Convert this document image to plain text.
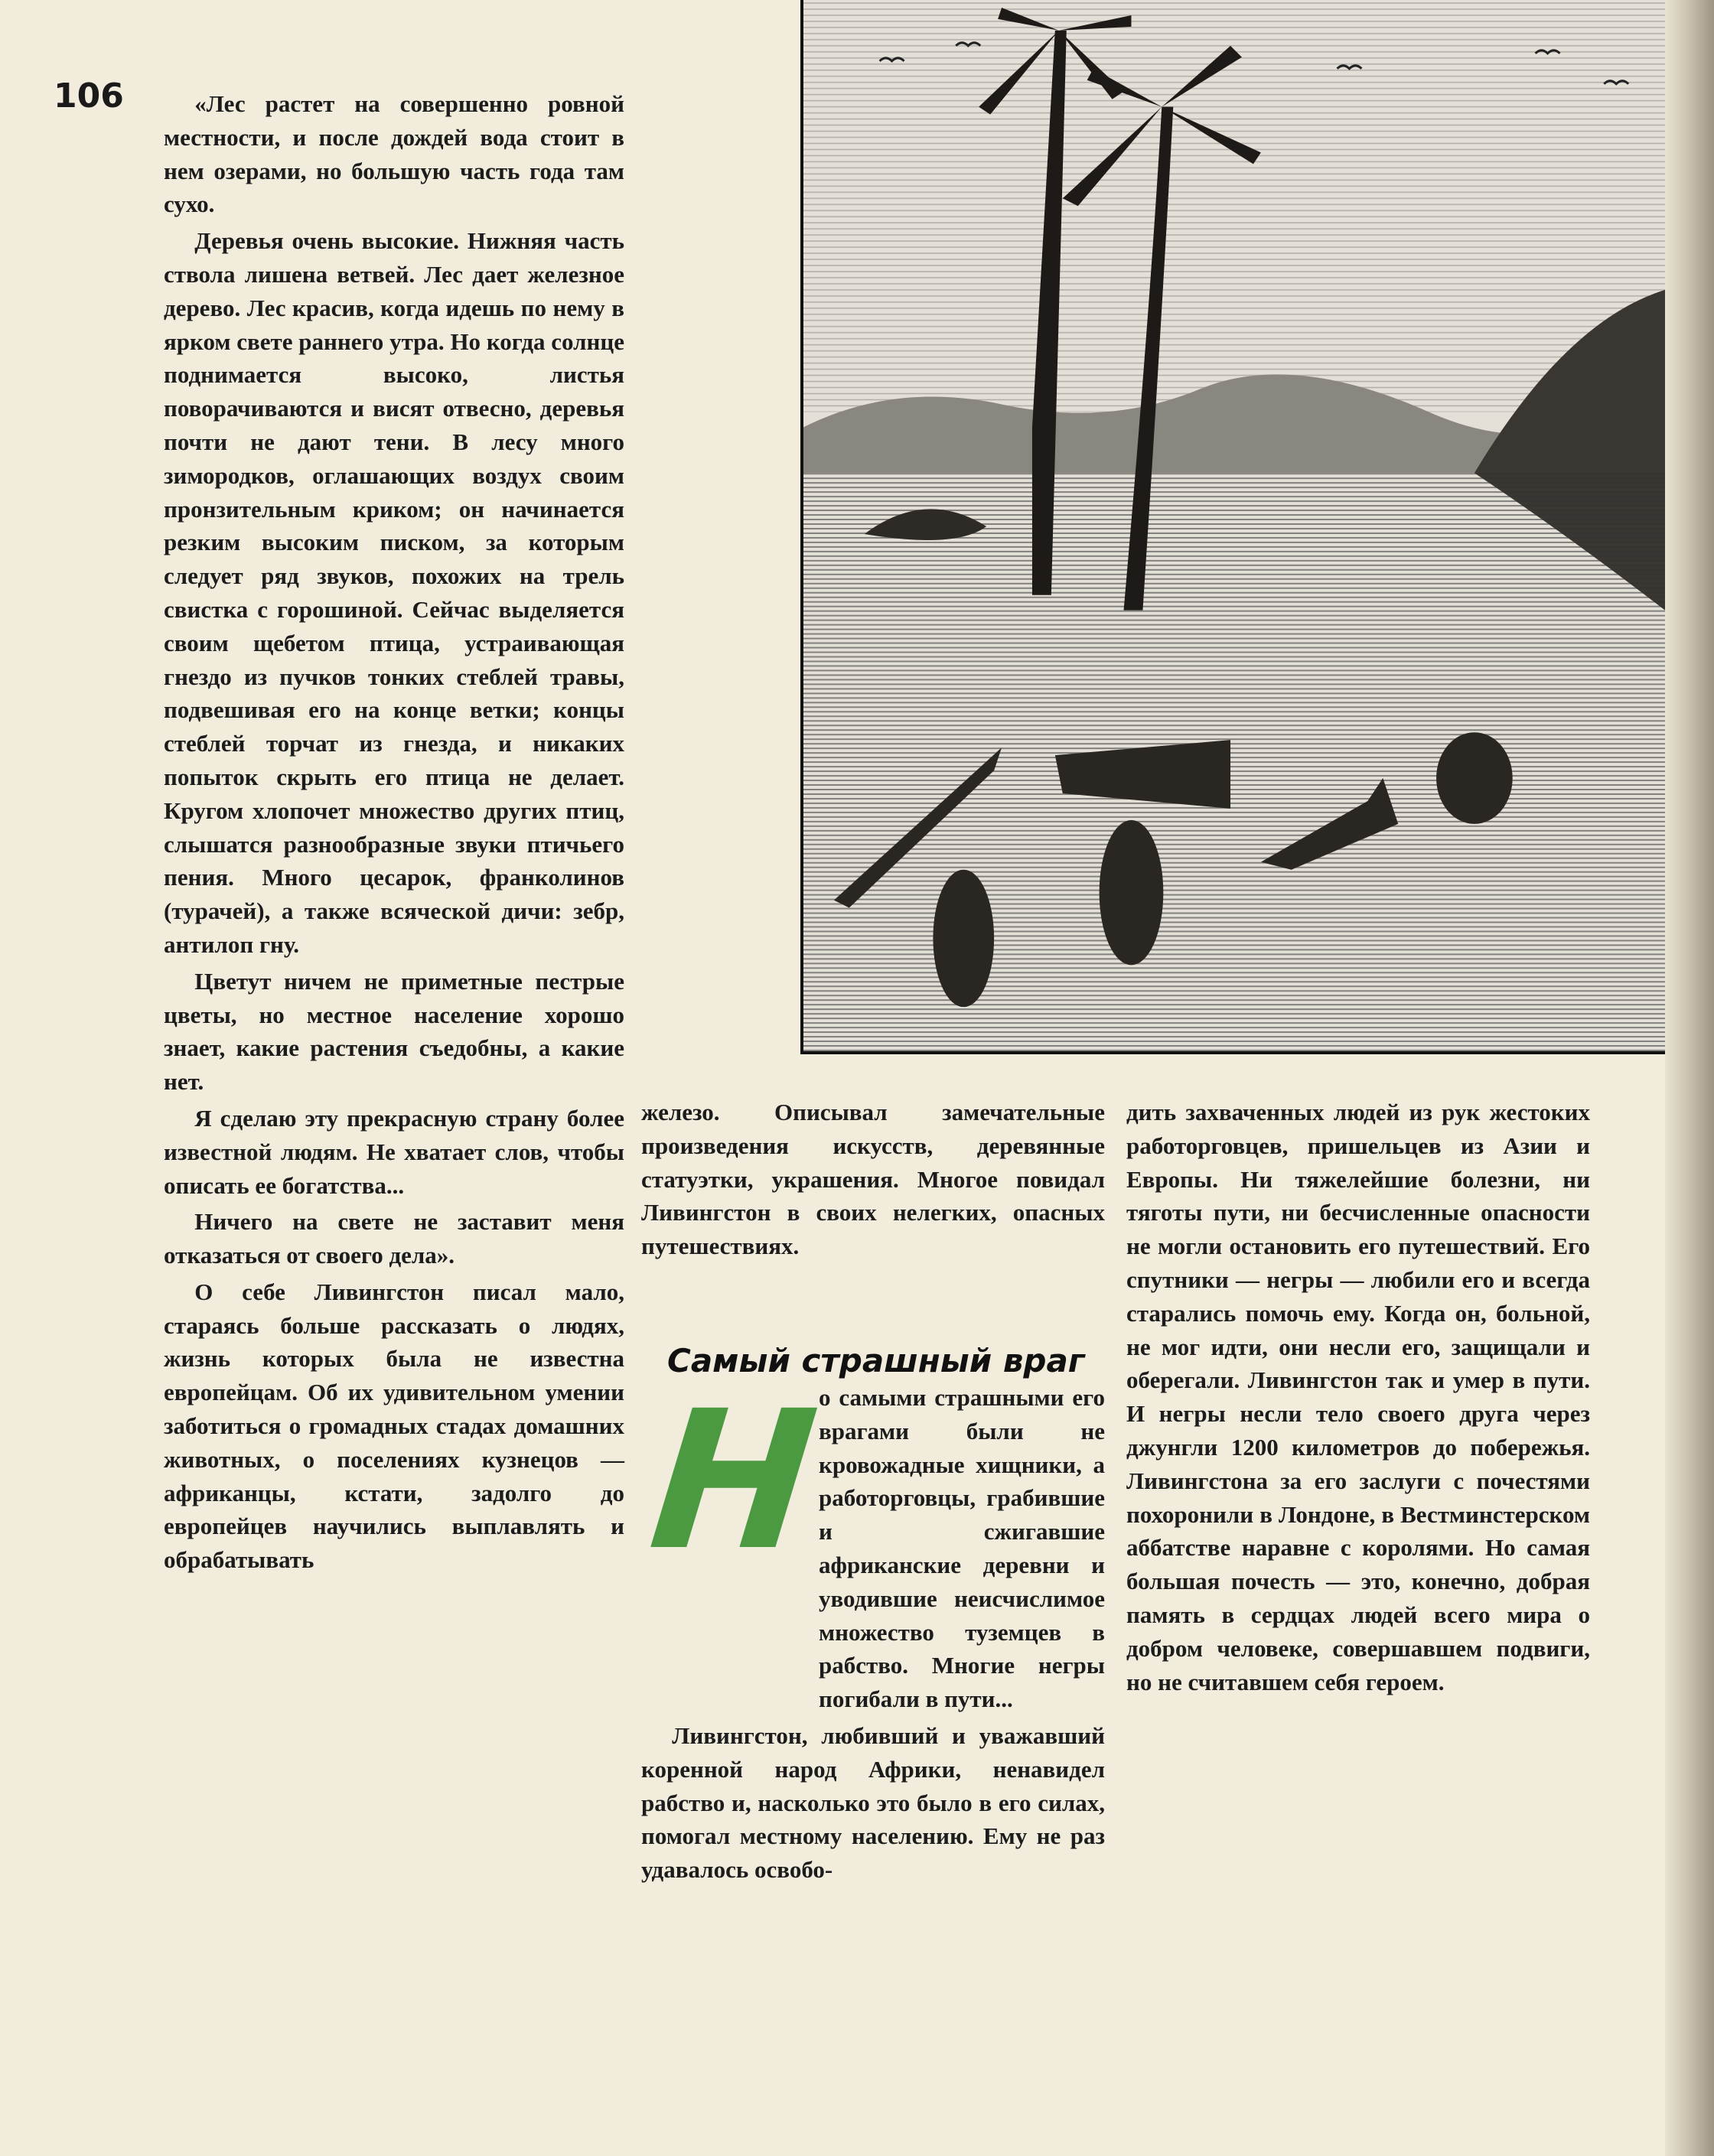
106	«Лес растет на совершенно ровной местности, и после дождей вода стоит в нем озерами, но большую часть года там сухо.

Деревья очень высокие. Нижняя часть ствола лишена ветвей. Лес дает железное дерево. Лес красив, когда идешь по нему в ярком свете раннего утра. Но когда солнце поднимается высоко, листья поворачиваются и висят отвесно, деревья почти не дают тени. В лесу много зимородков, оглашающих воздух своим пронзительным криком; он начинается резким высоким писком, за которым следует ряд звуков, похожих на трель свистка с горошиной. Сейчас выделяется своим щебетом птица, устраивающая гнездо из пучков тонких стеблей травы, подвешивая его на конце ветки; концы стеблей торчат из гнезда, и никаких попыток скрыть его птица не делает. Кругом хлопочет множество других птиц, слышатся разнообразные звуки птичьего пения. Много цесарок, франколинов (турачей), а также всяческой дичи: зебр, антилоп гну.

Цветут ничем не приметные пестрые цветы, но местное население хорошо знает, какие растения съедобны, а какие нет.

Я сделаю эту прекрасную страну более известной людям. Не хватает слов, чтобы описать ее богатства...

Ничего на свете не заставит меня отказаться от своего дела».

О себе Ливингстон писал мало, стараясь больше рассказать о людях, жизнь которых была не известна европейцам. Об их удивительном умении заботиться о громадных стадах домашних животных, о поселениях кузнецов — африканцы, кстати, задолго до европейцев научились выплавлять и обрабатывать

железо. Описывал замечательные произведения искусств, деревянные статуэтки, украшения. Многое повидал Ливингстон в своих нелегких, опасных путешествиях.

о самыми страшными его врагами были не кровожадные хищники, а работорговцы, грабившие и сжигавшие африканские деревни и уводившие неисчислимое множество туземцев в рабство. Многие негры погибали в пути...

Ливингстон, любивший и уважавший коренной народ Африки, ненавидел рабство и, насколько это было в его силах, помогал местному населению. Ему не раз удавалось освобо-

Самый страшный враг
Н

дить захваченных людей из рук жестоких работорговцев, пришельцев из Азии и Европы. Ни тяжелейшие болезни, ни тяготы пути, ни бесчисленные опасности не могли остановить его путешествий. Его спутники — негры — любили его и всегда старались помочь ему. Когда он, больной, не мог идти, они несли его, защищали и оберегали. Ливингстон так и умер в пути. И негры несли тело своего друга через джунгли 1200 километров до побережья. Ливингстона за его заслуги с почестями похоронили в Лондоне, в Вестминстерском аббатстве наравне с королями. Но самая большая почесть — это, конечно, добрая память в сердцах людей всего мира о добром человеке, совершавшем подвиги, но не считавшем себя героем.
